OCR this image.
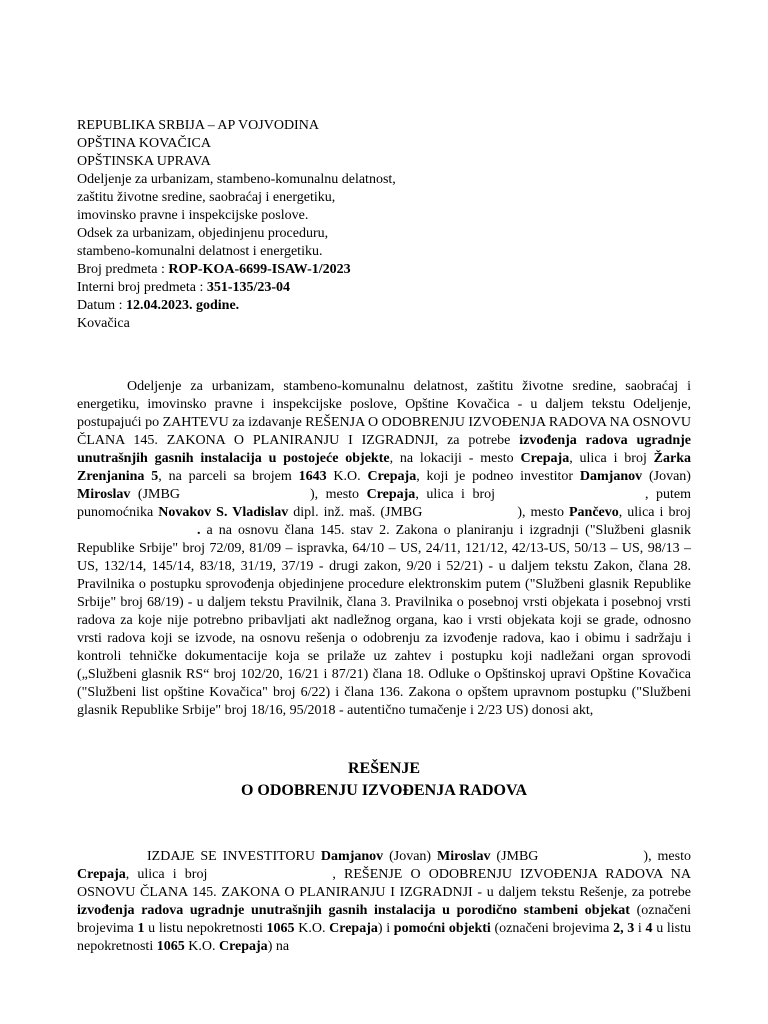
REPUBLIKA SRBIJA – AP VOJVODINA
OPŠTINA KOVAČICA
OPŠTINSKA UPRAVA
Odeljenje za urbanizam, stambeno-komunalnu delatnost,
zaštitu životne sredine, saobraćaj i energetiku,
imovinsko pravne i inspekcijske poslove.
Odsek za urbanizam, objedinjenu proceduru,
stambeno-komunalni delatnost i energetiku.
Broj predmeta : ROP-KOA-6699-ISAW-1/2023
Interni broj predmeta : 351-135/23-04
Datum : 12.04.2023. godine.
Kovačica

Odeljenje za urbanizam, stambeno-komunalnu delatnost, zaštitu životne sredine, saobraćaj i energetiku, imovinsko pravne i inspekcijske poslove, Opštine Kovačica - u daljem tekstu Odeljenje, postupajući po ZAHTEVU za izdavanje REŠENJA O ODOBRENJU IZVOĐENJA RADOVA NA OSNOVU ČLANA 145. ZAKONA O PLANIRANJU I IZGRADNJI, za potrebe izvođenja radova ugradnje unutrašnjih gasnih instalacija u postojeće objekte, na lokaciji - mesto Crepaja, ulica i broj Žarka Zrenjanina 5, na parceli sa brojem 1643 K.O. Crepaja, koji je podneo investitor Damjanov (Jovan) Miroslav (JMBG	), mesto Crepaja, ulica i broj	, putem punomoćnika Novakov S. Vladislav dipl. inž. maš. (JMBG	), mesto Pančevo, ulica i broj. a na osnovu člana 145. stav 2. Zakona o planiranju i izgradnji ("Službeni glasnik Republike Srbije" broj 72/09, 81/09 – ispravka, 64/10 – US, 24/11, 121/12, 42/13-US, 50/13 – US, 98/13 – US, 132/14, 145/14, 83/18, 31/19, 37/19 - drugi zakon, 9/20 i 52/21) - u daljem tekstu Zakon, člana 28. Pravilnika o postupku sprovođenja objedinjene procedure elektronskim putem ("Službeni glasnik Republike Srbije" broj 68/19) - u daljem tekstu Pravilnik, člana 3. Pravilnika o posebnoj vrsti objekata i posebnoj vrsti radova za koje nije potrebno pribavljati akt nadležnog organa, kao i vrsti objekata koji se grade, odnosno vrsti radova koji se izvode, na osnovu rešenja o odobrenju za izvođenje radova, kao i obimu i sadržaju i kontroli tehničke dokumentacije koja se prilaže uz zahtev i postupku koji nadležani organ sprovodi („Službeni glasnik RS“ broj 102/20, 16/21 i 87/21) člana 18. Odluke o Opštinskoj upravi Opštine Kovačica ("Službeni list opštine Kovačica" broj 6/22) i člana 136. Zakona o opštem upravnom postupku ("Službeni glasnik Republike Srbije" broj 18/16, 95/2018 - autentično tumačenje i 2/23 US) donosi akt,

REŠENJE
O ODOBRENJU IZVOĐENJA RADOVA

IZDAJE SE INVESTITORU Damjanov (Jovan) Miroslav (JMBG	), mesto Crepaja, ulica i broj	, REŠENJE O ODOBRENJU IZVOĐENJA RADOVA NA OSNOVU ČLANA 145. ZAKONA O PLANIRANJU I IZGRADNJI - u daljem tekstu Rešenje, za potrebe izvođenja radova ugradnje unutrašnjih gasnih instalacija u porodično stambeni objekat (označeni brojevima 1 u listu nepokretnosti 1065 K.O. Crepaja) i pomoćni objekti (označeni brojevima 2, 3 i 4 u listu nepokretnosti 1065 K.O. Crepaja) na
